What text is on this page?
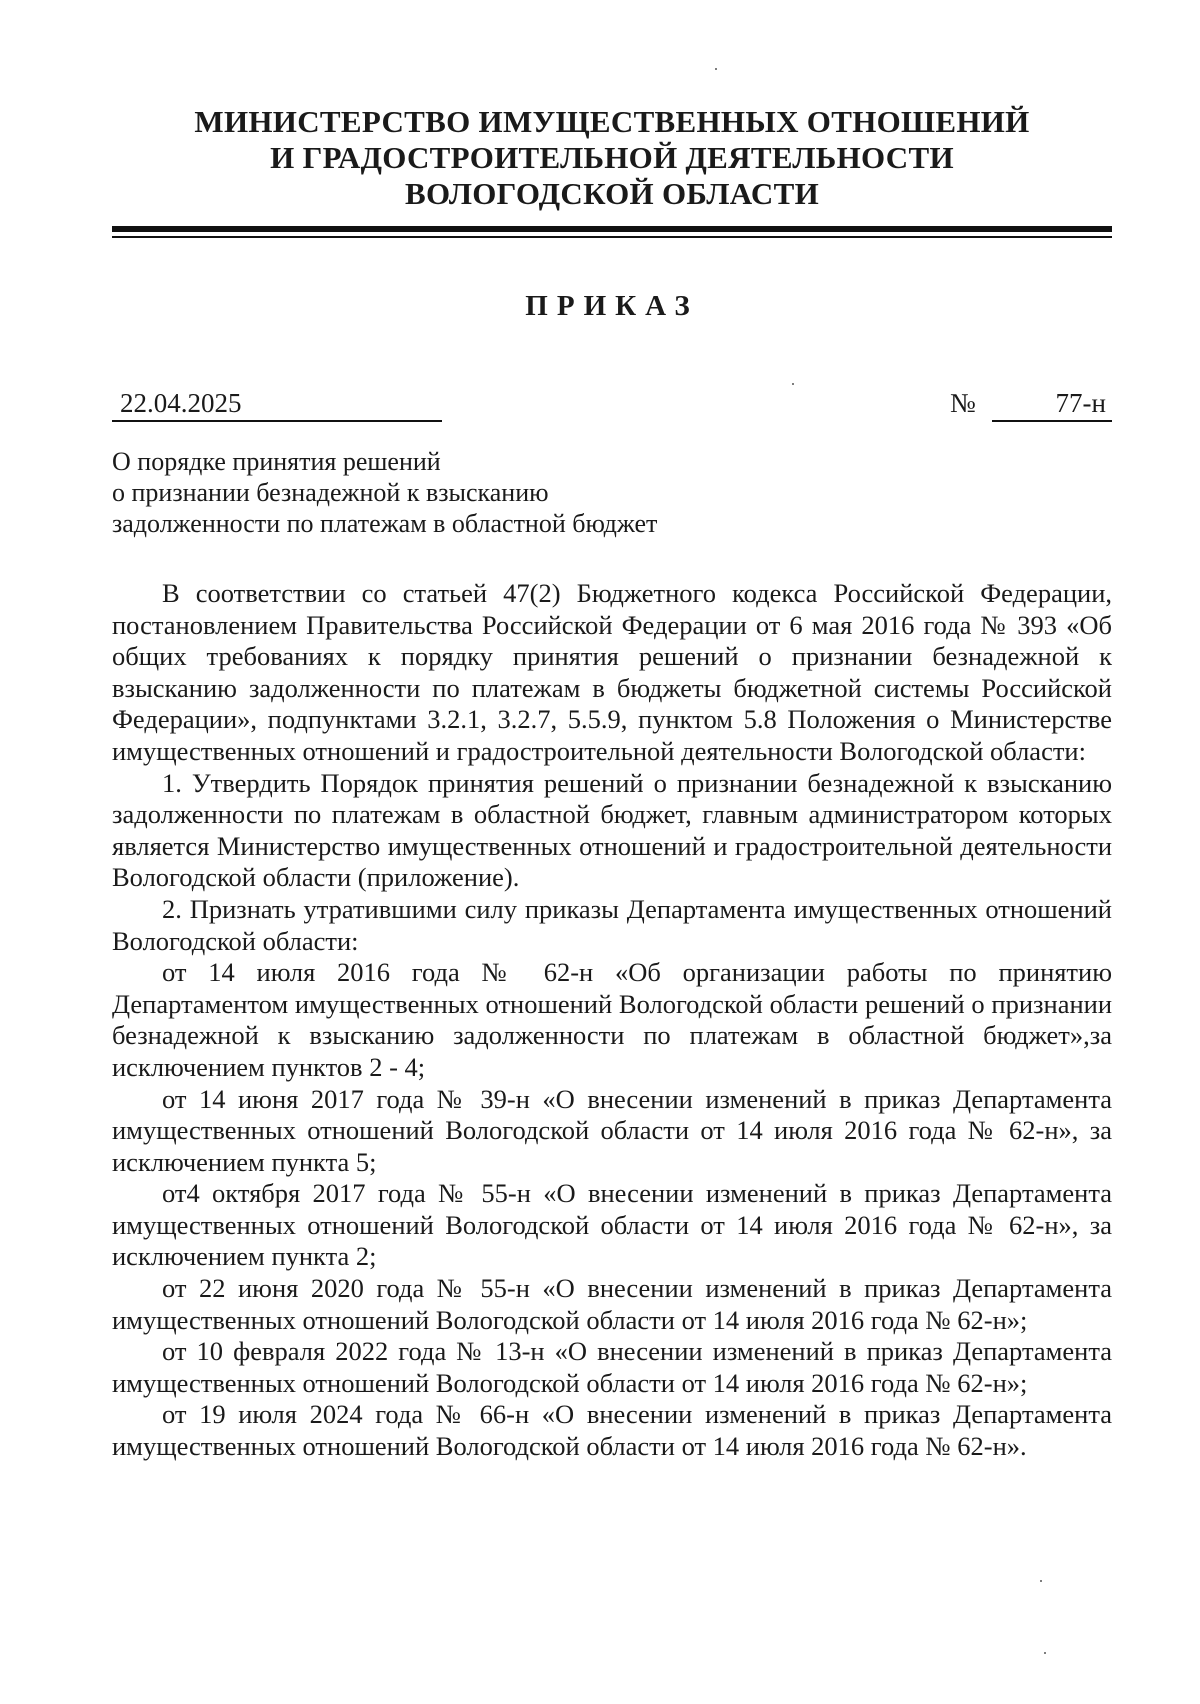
МИНИСТЕРСТВО ИМУЩЕСТВЕННЫХ ОТНОШЕНИЙ
И ГРАДОСТРОИТЕЛЬНОЙ ДЕЯТЕЛЬНОСТИ
ВОЛОГОДСКОЙ ОБЛАСТИ
ПРИКАЗ
22.04.2025	№	77-н
О порядке принятия решений
о признании безнадежной к взысканию
задолженности по платежам в областной бюджет

В соответствии со статьей 47(2) Бюджетного кодекса Российской Федерации, постановлением Правительства Российской Федерации от 6 мая 2016 года № 393 «Об общих требованиях к порядку принятия решений о признании безнадежной к взысканию задолженности по платежам в бюджеты бюджетной системы Российской Федерации», подпунктами 3.2.1, 3.2.7, 5.5.9, пунктом 5.8 Положения о Министерстве имущественных отношений и градостроительной деятельности Вологодской области:

1. Утвердить Порядок принятия решений о признании безнадежной к взысканию задолженности по платежам в областной бюджет, главным администратором которых является Министерство имущественных отношений и градостроительной деятельности Вологодской области (приложение).

2. Признать утратившими силу приказы Департамента имущественных отношений Вологодской области:

от 14 июля 2016 года № 62-н «Об организации работы по принятию Департаментом имущественных отношений Вологодской области решений о признании безнадежной к взысканию задолженности по платежам в областной бюджет»,за исключением пунктов 2 - 4;

от 14 июня 2017 года № 39-н «О внесении изменений в приказ Департамента имущественных отношений Вологодской области от 14 июля 2016 года № 62-н», за исключением пункта 5;

от4 октября 2017 года № 55-н «О внесении изменений в приказ Департамента имущественных отношений Вологодской области от 14 июля 2016 года № 62-н», за исключением пункта 2;

от 22 июня 2020 года № 55-н «О внесении изменений в приказ Департамента имущественных отношений Вологодской области от 14 июля 2016 года № 62-н»;

от 10 февраля 2022 года № 13-н «О внесении изменений в приказ Департамента имущественных отношений Вологодской области от 14 июля 2016 года № 62-н»;

от 19 июля 2024 года № 66-н «О внесении изменений в приказ Департамента имущественных отношений Вологодской области от 14 июля 2016 года № 62-н».
